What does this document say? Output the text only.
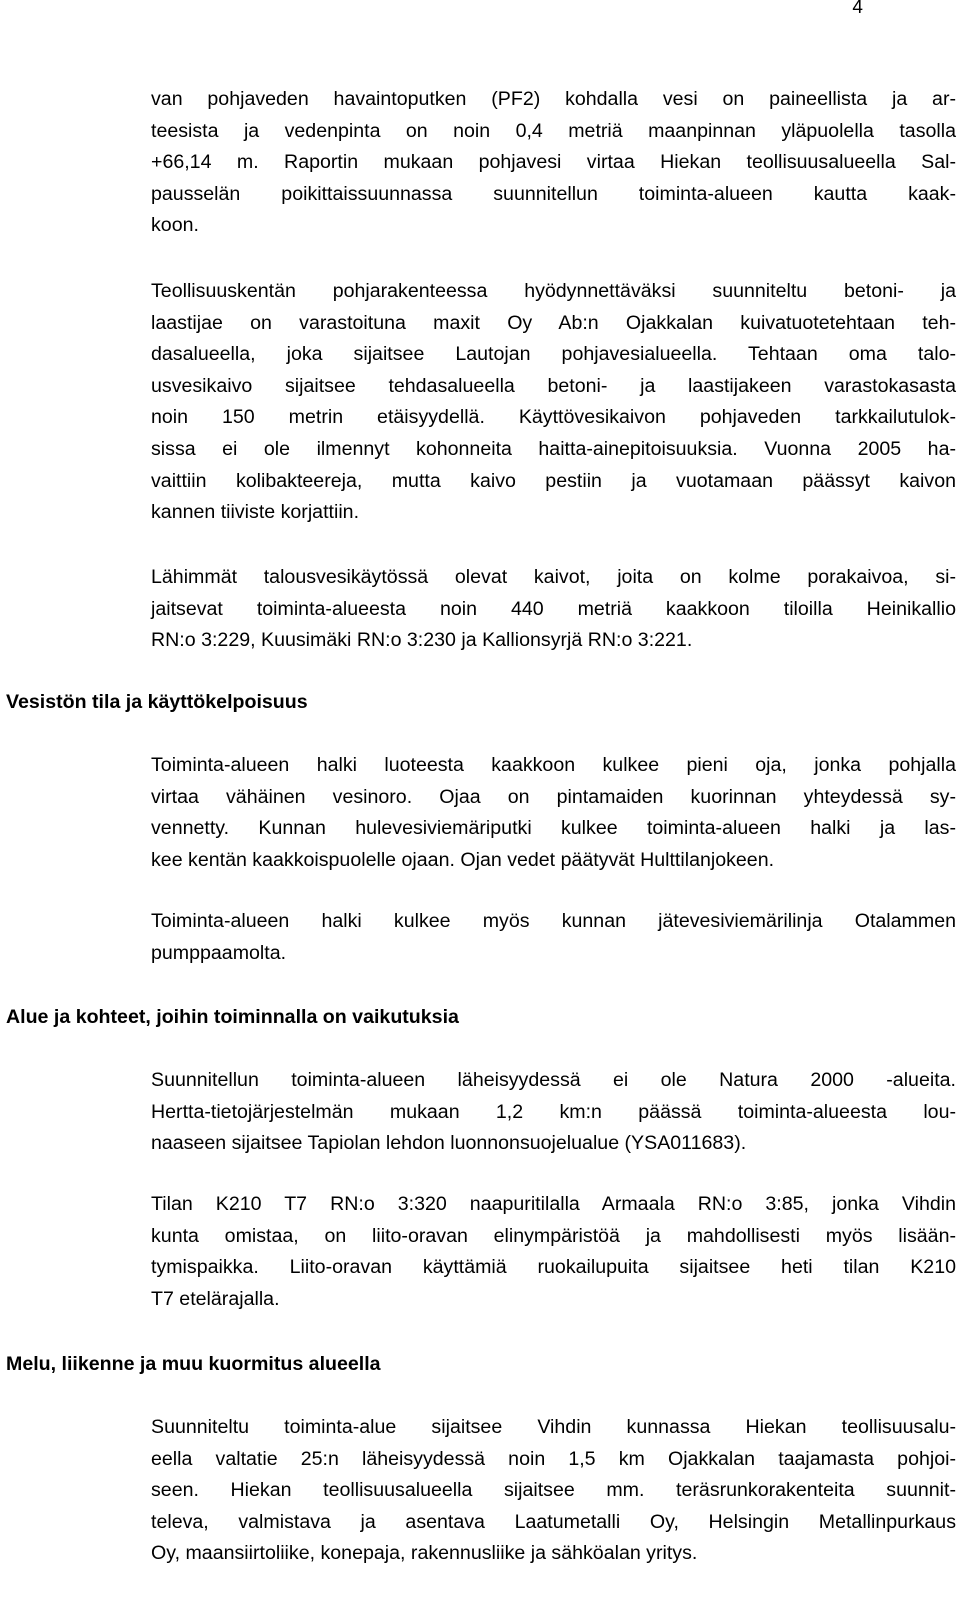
4
van pohjaveden havaintoputken (PF2) kohdalla vesi on paineellista ja ar-
teesista ja vedenpinta on noin 0,4 metriä maanpinnan yläpuolella tasolla
+66,14 m. Raportin mukaan pohjavesi virtaa Hiekan teollisuusalueella Sal-
pausselän poikittaissuunnassa suunnitellun toiminta-alueen kautta kaak-
koon.
Teollisuuskentän pohjarakenteessa hyödynnettäväksi suunniteltu betoni- ja
laastijae on varastoituna maxit Oy Ab:n Ojakkalan kuivatuotetehtaan teh-
dasalueella, joka sijaitsee Lautojan pohjavesialueella. Tehtaan oma talo-
usvesikaivo sijaitsee tehdasalueella betoni- ja laastijakeen varastokasasta
noin 150 metrin etäisyydellä. Käyttövesikaivon pohjaveden tarkkailutulok-
sissa ei ole ilmennyt kohonneita haitta-ainepitoisuuksia. Vuonna 2005 ha-
vaittiin kolibakteereja, mutta kaivo pestiin ja vuotamaan päässyt kaivon
kannen tiiviste korjattiin.
Lähimmät talousvesikäytössä olevat kaivot, joita on kolme porakaivoa, si-
jaitsevat toiminta-alueesta noin 440 metriä kaakkoon tiloilla Heinikallio
RN:o 3:229, Kuusimäki RN:o 3:230 ja Kallionsyrjä RN:o 3:221.
Vesistön tila ja käyttökelpoisuus
Toiminta-alueen halki luoteesta kaakkoon kulkee pieni oja, jonka pohjalla
virtaa vähäinen vesinoro. Ojaa on pintamaiden kuorinnan yhteydessä sy-
vennetty. Kunnan hulevesiviemäriputki kulkee toiminta-alueen halki ja las-
kee kentän kaakkoispuolelle ojaan. Ojan vedet päätyvät Hulttilanjokeen.
Toiminta-alueen halki kulkee myös kunnan jätevesiviemärilinja Otalammen
pumppaamolta.
Alue ja kohteet, joihin toiminnalla on vaikutuksia
Suunnitellun toiminta-alueen läheisyydessä ei ole Natura 2000 -alueita.
Hertta-tietojärjestelmän mukaan 1,2 km:n päässä toiminta-alueesta lou-
naaseen sijaitsee Tapiolan lehdon luonnonsuojelualue (YSA011683).
Tilan K210 T7 RN:o 3:320 naapuritilalla Armaala RN:o 3:85, jonka Vihdin
kunta omistaa, on liito-oravan elinympäristöä ja mahdollisesti myös lisään-
tymispaikka. Liito-oravan käyttämiä ruokailupuita sijaitsee heti tilan K210
T7 etelärajalla.
Melu, liikenne ja muu kuormitus alueella
Suunniteltu toiminta-alue sijaitsee Vihdin kunnassa Hiekan teollisuusalu-
eella valtatie 25:n läheisyydessä noin 1,5 km Ojakkalan taajamasta pohjoi-
seen. Hiekan teollisuusalueella sijaitsee mm. teräsrunkorakenteita suunnit-
televa, valmistava ja asentava Laatumetalli Oy, Helsingin Metallinpurkaus
Oy, maansiirtoliike, konepaja, rakennusliike ja sähköalan yritys.
